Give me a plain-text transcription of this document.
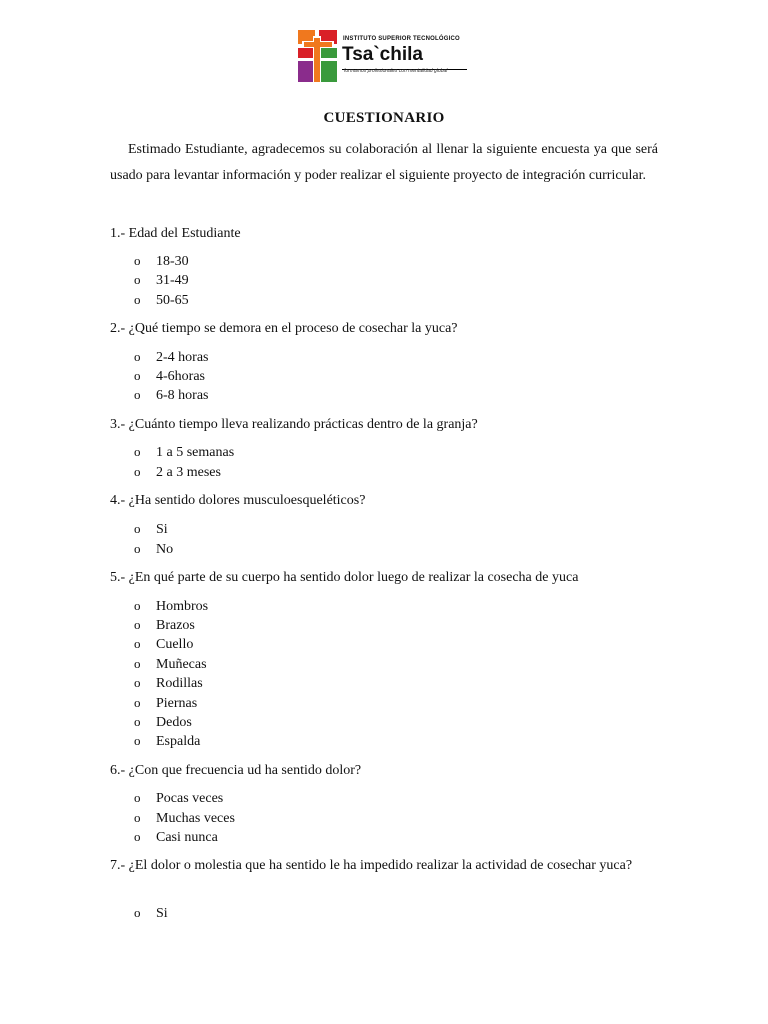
INSTITUTO SUPERIOR TECNOLÓGICO
Tsa`chila
formamos profesionales con mentalidad global
CUESTIONARIO
Estimado Estudiante, agradecemos su colaboración al llenar la siguiente encuesta ya que será usado para levantar información y poder realizar el siguiente proyecto de integración curricular.
1.- Edad del Estudiante
o 18-30
o 31-49
o 50-65
2.- ¿Qué tiempo se demora en el proceso de cosechar la yuca?
o 2-4 horas
o 4-6horas
o 6-8 horas
3.- ¿Cuánto tiempo lleva realizando prácticas dentro de la granja?
o 1 a 5 semanas
o 2 a 3 meses
4.- ¿Ha sentido dolores musculoesqueléticos?
o Si
o No
5.- ¿En qué parte de su cuerpo ha sentido dolor luego de realizar la cosecha de yuca
o Hombros
o Brazos
o Cuello
o Muñecas
o Rodillas
o Piernas
o Dedos
o Espalda
6.- ¿Con que frecuencia ud ha sentido dolor?
o Pocas veces
o Muchas veces
o Casi nunca
7.- ¿El dolor o molestia que ha sentido le ha impedido realizar la actividad de cosechar yuca?
o Si
